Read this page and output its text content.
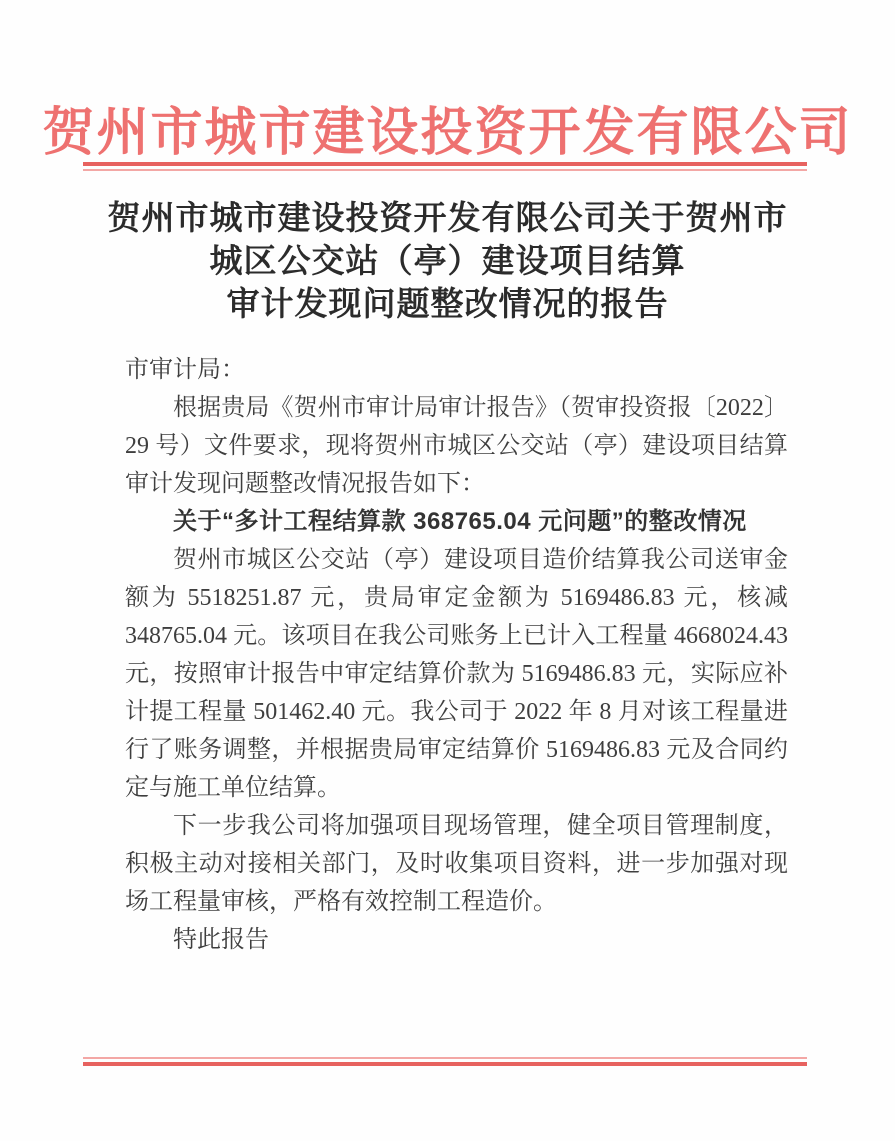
贺州市城市建设投资开发有限公司
贺州市城市建设投资开发有限公司关于贺州市
城区公交站（亭）建设项目结算
审计发现问题整改情况的报告

市审计局：

根据贵局《贺州市审计局审计报告》（贺审投资报〔2022〕29 号）文件要求，现将贺州市城区公交站（亭）建设项目结算审计发现问题整改情况报告如下：

关于“多计工程结算款 368765.04 元问题”的整改情况

贺州市城区公交站（亭）建设项目造价结算我公司送审金额为 5518251.87 元，贵局审定金额为 5169486.83 元，核减 348765.04 元。该项目在我公司账务上已计入工程量 4668024.43 元，按照审计报告中审定结算价款为 5169486.83 元，实际应补计提工程量 501462.40 元。我公司于 2022 年 8 月对该工程量进行了账务调整，并根据贵局审定结算价 5169486.83 元及合同约定与施工单位结算。

下一步我公司将加强项目现场管理，健全项目管理制度，积极主动对接相关部门，及时收集项目资料，进一步加强对现场工程量审核，严格有效控制工程造价。

特此报告
